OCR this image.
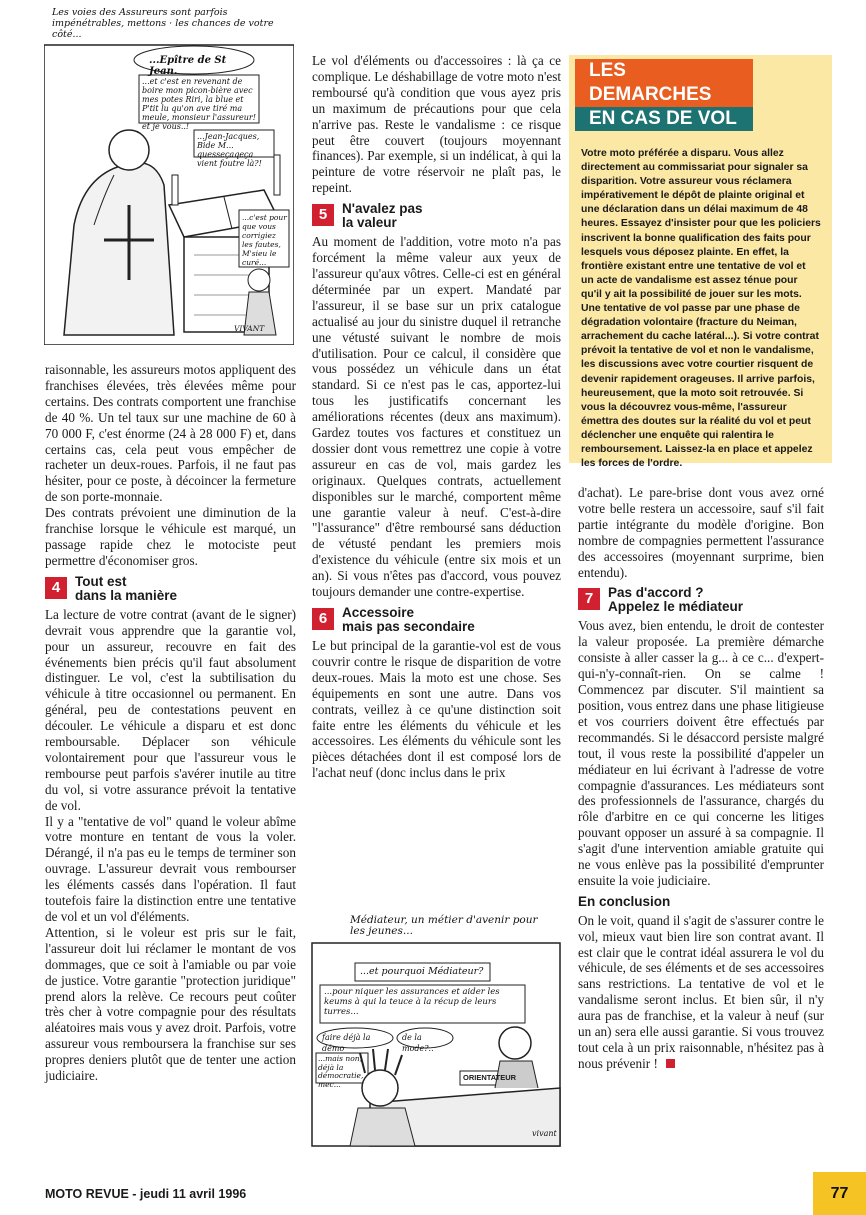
Les voies des Assureurs sont parfois impénétrables, mettons · les chances de votre côté...
...Epître de St Jean.
...et c'est en revenant de boire mon picon-bière avec mes potes Riri, la blue et P'tit lu qu'on ave tiré ma meule, monsieur l'assureur! et je vous..!
...Jean-Jacques, Bide M... quesseçaqeça vient foutre là?!
...c'est pour que vous corrigiez les fautes, M'sieu le curé...
VIVANT

raisonnable, les assureurs motos appliquent des franchises élevées, très élevées même pour certains. Des contrats comportent une franchise de 40 %. Un tel taux sur une machine de 60 à 70 000 F, c'est énorme (24 à 28 000 F) et, dans certains cas, cela peut vous empêcher de racheter un deux-roues. Parfois, il ne faut pas hésiter, pour ce poste, à décoincer la fermeture de son porte-monnaie.

Des contrats prévoient une diminution de la franchise lorsque le véhicule est marqué, un passage rapide chez le motociste peut permettre d'économiser gros.

4	Tout est
dans la manière

La lecture de votre contrat (avant de le signer) devrait vous apprendre que la garantie vol, pour un assureur, recouvre en fait des événements bien précis qu'il faut absolument distinguer. Le vol, c'est la subtilisation du véhicule à titre occasionnel ou permanent. En général, peu de contestations peuvent en découler. Le véhicule a disparu et est donc remboursable. Déplacer son véhicule volontairement pour que l'assureur vous le rembourse peut parfois s'avérer inutile au titre du vol, si votre assurance prévoit la tentative de vol.

Il y a "tentative de vol" quand le voleur abîme votre monture en tentant de vous la voler. Dérangé, il n'a pas eu le temps de terminer son ouvrage. L'assureur devrait vous rembourser les éléments cassés dans l'opération. Il faut toutefois faire la distinction entre une tentative de vol et un vol d'éléments.

Attention, si le voleur est pris sur le fait, l'assureur doit lui réclamer le montant de vos dommages, que ce soit à l'amiable ou par voie de justice. Votre garantie "protection juridique" prend alors la relève. Ce recours peut coûter très cher à votre compagnie pour des résultats aléatoires mais vous y avez droit. Parfois, votre assureur vous remboursera la franchise sur ses propres deniers plutôt que de tenter une action judiciaire.

Le vol d'éléments ou d'accessoires : là ça ce complique. Le déshabillage de votre moto n'est remboursé qu'à condition que vous ayez pris un maximum de précautions pour que cela n'arrive pas. Reste le vandalisme : ce risque peut être couvert (toujours moyennant finances). Par exemple, si un indélicat, à qui la peinture de votre réservoir ne plaît pas, le repeint.

5	N'avalez pas
la valeur

Au moment de l'addition, votre moto n'a pas forcément la même valeur aux yeux de l'assureur qu'aux vôtres. Celle-ci est en général déterminée par un expert. Mandaté par l'assureur, il se base sur un prix catalogue actualisé au jour du sinistre duquel il retranche une vétusté suivant le nombre de mois d'utilisation. Pour ce calcul, il considère que vous possédez un véhicule dans un état standard. Si ce n'est pas le cas, apportez-lui tous les justificatifs concernant les améliorations récentes (deux ans maximum). Gardez toutes vos factures et constituez un dossier dont vous remettrez une copie à votre assureur en cas de vol, mais gardez les originaux. Quelques contrats, actuellement disponibles sur le marché, comportent même une garantie valeur à neuf. C'est-à-dire "l'assurance" d'être remboursé sans déduction de vétusté pendant les premiers mois d'existence du véhicule (entre six mois et un an). Si vous n'êtes pas d'accord, vous pouvez toujours demander une contre-expertise.

6	Accessoire
mais pas secondaire

Le but principal de la garantie-vol est de vous couvrir contre le risque de disparition de votre deux-roues. Mais la moto est une chose. Ses équipements en sont une autre. Dans vos contrats, veillez à ce qu'une distinction soit faite entre les éléments du véhicule et les accessoires. Les éléments du véhicule sont les pièces détachées dont il est composé lors de l'achat neuf (donc inclus dans le prix

Médiateur, un métier d'avenir pour les jeunes...
...et pourquoi Médiateur?
...pour niquer les assurances et aider les keums à qui la teuce à la récup de leurs turres...
faire déjà la démo
de la mode?..
...mais non, déjà la démocratie, mec...
ORIENTATEUR
vivant
LES DEMARCHES
EN CAS DE VOL

Votre moto préférée a disparu. Vous allez directement au commissariat pour signaler sa disparition. Votre assureur vous réclamera impérativement le dépôt de plainte original et une déclaration dans un délai maximum de 48 heures. Essayez d'insister pour que les policiers inscrivent la bonne qualification des faits pour lesquels vous déposez plainte. En effet, la frontière existant entre une tentative de vol et un acte de vandalisme est assez ténue pour qu'il y ait la possibilité de jouer sur les mots. Une tentative de vol passe par une phase de dégradation volontaire (fracture du Neiman, arrachement du cache latéral...). Si votre contrat prévoit la tentative de vol et non le vandalisme, les discussions avec votre courtier risquent de devenir rapidement orageuses. Il arrive parfois, heureusement, que la moto soit retrouvée. Si vous la découvrez vous-même, l'assureur émettra des doutes sur la réalité du vol et peut déclencher une enquête qui ralentira le remboursement. Laissez-la en place et appelez les forces de l'ordre.

d'achat). Le pare-brise dont vous avez orné votre belle restera un accessoire, sauf s'il fait partie intégrante du modèle d'origine. Bon nombre de compagnies permettent l'assurance des accessoires (moyennant surprime, bien entendu).

7	Pas d'accord ?
Appelez le médiateur

Vous avez, bien entendu, le droit de contester la valeur proposée. La première démarche consiste à aller casser la g... à ce c... d'expert-qui-n'y-connaît-rien. On se calme ! Commencez par discuter. S'il maintient sa position, vous entrez dans une phase litigieuse et vos courriers doivent être effectués par recommandés. Si le désaccord persiste malgré tout, il vous reste la possibilité d'appeler un médiateur en lui écrivant à l'adresse de votre compagnie d'assurances. Les médiateurs sont des professionnels de l'assurance, chargés du rôle d'arbitre en ce qui concerne les litiges pouvant opposer un assuré à sa compagnie. Il s'agit d'une intervention amiable gratuite qui ne vous enlève pas la possibilité d'emprunter ensuite la voie judiciaire.

En conclusion

On le voit, quand il s'agit de s'assurer contre le vol, mieux vaut bien lire son contrat avant. Il est clair que le contrat idéal assurera le vol du véhicule, de ses éléments et de ses accessoires sans restrictions. La tentative de vol et le vandalisme seront inclus. Et bien sûr, il n'y aura pas de franchise, et la valeur à neuf (sur un an) sera elle aussi garantie. Si vous trouvez tout cela à un prix raisonnable, n'hésitez pas à nous prévenir !

MOTO REVUE - jeudi 11 avril 1996	77
